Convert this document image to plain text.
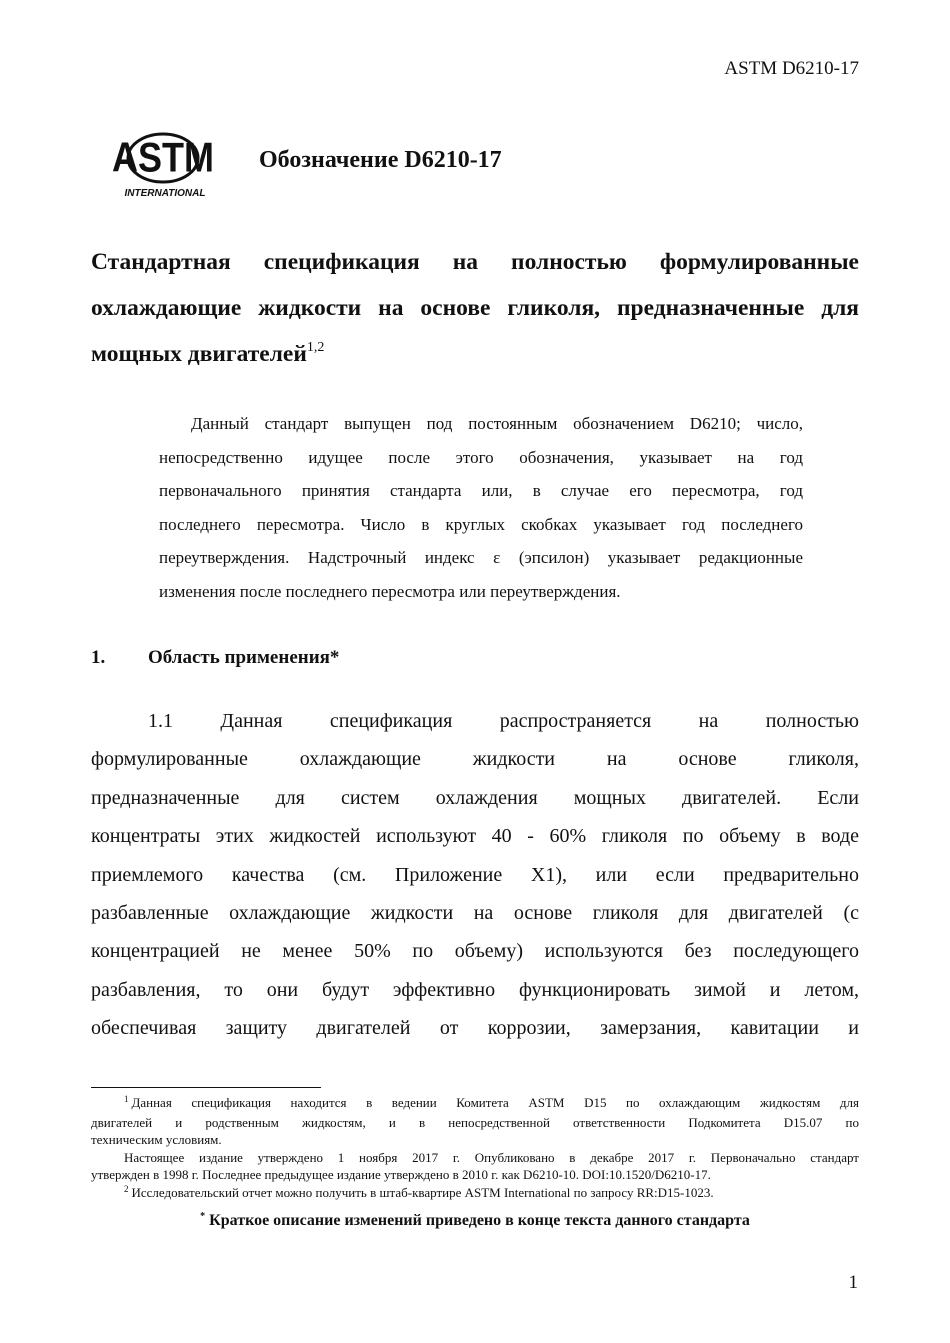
ASTM D6210-17
ASTM
INTERNATIONAL
Обозначение D6210-17
Стандартная спецификация на полностью формулированные
охлаждающие жидкости на основе гликоля, предназначенные для
мощных двигателей$^{1,2}$
Данный стандарт выпущен под постоянным обозначением D6210; число,
непосредственно идущее после этого обозначения, указывает на год
первоначального принятия стандарта или, в случае его пересмотра, год
последнего пересмотра. Число в круглых скобках указывает год последнего
переутверждения. Надстрочный индекс ε (эпсилон) указывает редакционные
изменения после последнего пересмотра или переутверждения.
1. Область применения*
1.1 Данная спецификация распространяется на полностью
формулированные охлаждающие жидкости на основе гликоля,
предназначенные для систем охлаждения мощных двигателей. Если
концентраты этих жидкостей используют 40 - 60% гликоля по объему в воде
приемлемого качества (см. Приложение X1), или если предварительно
разбавленные охлаждающие жидкости на основе гликоля для двигателей (с
концентрацией не менее 50% по объему) используются без последующего
разбавления, то они будут эффективно функционировать зимой и летом,
обеспечивая защиту двигателей от коррозии, замерзания, кавитации и
$^1$ Данная спецификация находится в ведении Комитета ASTM D15 по охлаждающим жидкостям для
двигателей и родственным жидкостям, и в непосредственной ответственности Подкомитета D15.07 по
техническим условиям.
Настоящее издание утверждено 1 ноября 2017 г. Опубликовано в декабре 2017 г. Первоначально стандарт
утвержден в 1998 г. Последнее предыдущее издание утверждено в 2010 г. как D6210-10. DOI:10.1520/D6210-17.
$^2$ Исследовательский отчет можно получить в штаб-квартире ASTM International по запросу RR:D15-1023.
* Краткое описание изменений приведено в конце текста данного стандарта
1
